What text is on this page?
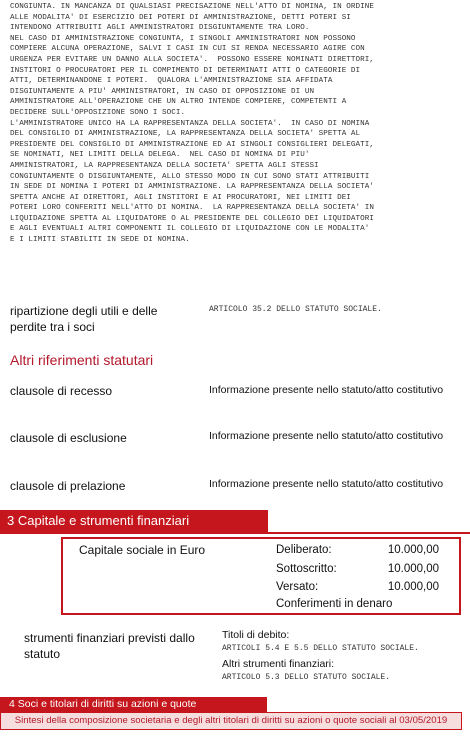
CONGIUNTA. IN MANCANZA DI QUALSIASI PRECISAZIONE NELL'ATTO DI NOMINA, IN ORDINE
ALLE MODALITA' DI ESERCIZIO DEI POTERI DI AMMINISTRAZIONE, DETTI POTERI SI
INTENDONO ATTRIBUITI AGLI AMMINISTRATORI DISGIUNTAMENTE TRA LORO.
NEL CASO DI AMMINISTRAZIONE CONGIUNTA, I SINGOLI AMMINISTRATORI NON POSSONO
COMPIERE ALCUNA OPERAZIONE, SALVI I CASI IN CUI SI RENDA NECESSARIO AGIRE CON
URGENZA PER EVITARE UN DANNO ALLA SOCIETA'.  POSSONO ESSERE NOMINATI DIRETTORI,
INSTITORI O PROCURATORI PER IL COMPIMENTO DI DETERMINATI ATTI O CATEGORIE DI
ATTI, DETERMINANDONE I POTERI.  QUALORA L'AMMINISTRAZIONE SIA AFFIDATA
DISGIUNTAMENTE A PIU' AMMINISTRATORI, IN CASO DI OPPOSIZIONE DI UN
AMMINISTRATORE ALL'OPERAZIONE CHE UN ALTRO INTENDE COMPIERE, COMPETENTI A
DECIDERE SULL'OPPOSIZIONE SONO I SOCI.
L'AMMINISTRATORE UNICO HA LA RAPPRESENTANZA DELLA SOCIETA'.  IN CASO DI NOMINA
DEL CONSIGLIO DI AMMINISTRAZIONE, LA RAPPRESENTANZA DELLA SOCIETA' SPETTA AL
PRESIDENTE DEL CONSIGLIO DI AMMINISTRAZIONE ED AI SINGOLI CONSIGLIERI DELEGATI,
SE NOMINATI, NEI LIMITI DELLA DELEGA.  NEL CASO DI NOMINA DI PIU'
AMMINISTRATORI, LA RAPPRESENTANZA DELLA SOCIETA' SPETTA AGLI STESSI
CONGIUNTAMENTE O DISGIUNTAMENTE, ALLO STESSO MODO IN CUI SONO STATI ATTRIBUITI
IN SEDE DI NOMINA I POTERI DI AMMINISTRAZIONE. LA RAPPRESENTANZA DELLA SOCIETA'
SPETTA ANCHE AI DIRETTORI, AGLI INSTITORI E AI PROCURATORI, NEI LIMITI DEI
POTERI LORO CONFERITI NELL'ATTO DI NOMINA.  LA RAPPRESENTANZA DELLA SOCIETA' IN
LIQUIDAZIONE SPETTA AL LIQUIDATORE O AL PRESIDENTE DEL COLLEGIO DEI LIQUIDATORI
E AGLI EVENTUALI ALTRI COMPONENTI IL COLLEGIO DI LIQUIDAZIONE CON LE MODALITA'
E I LIMITI STABILITI IN SEDE DI NOMINA.
ripartizione degli utili e delle
perdite tra i soci
ARTICOLO 35.2 DELLO STATUTO SOCIALE.
Altri riferimenti statutari
clausole di recesso	Informazione presente nello statuto/atto costitutivo
clausole di esclusione	Informazione presente nello statuto/atto costitutivo
clausole di prelazione	Informazione presente nello statuto/atto costitutivo
3 Capitale e strumenti finanziari
Capitale sociale in Euro	Deliberato:	10.000,00
Sottoscritto:	10.000,00
Versato:	10.000,00
Conferimenti in denaro
strumenti finanziari previsti dallo
statuto
Titoli di debito:
ARTICOLI 5.4 E 5.5 DELLO STATUTO SOCIALE.
Altri strumenti finanziari:
ARTICOLO 5.3 DELLO STATUTO SOCIALE.
4 Soci e titolari di diritti su azioni e quote
Sintesi della composizione societaria e degli altri titolari di diritti su azioni o quote sociali al 03/05/2019
